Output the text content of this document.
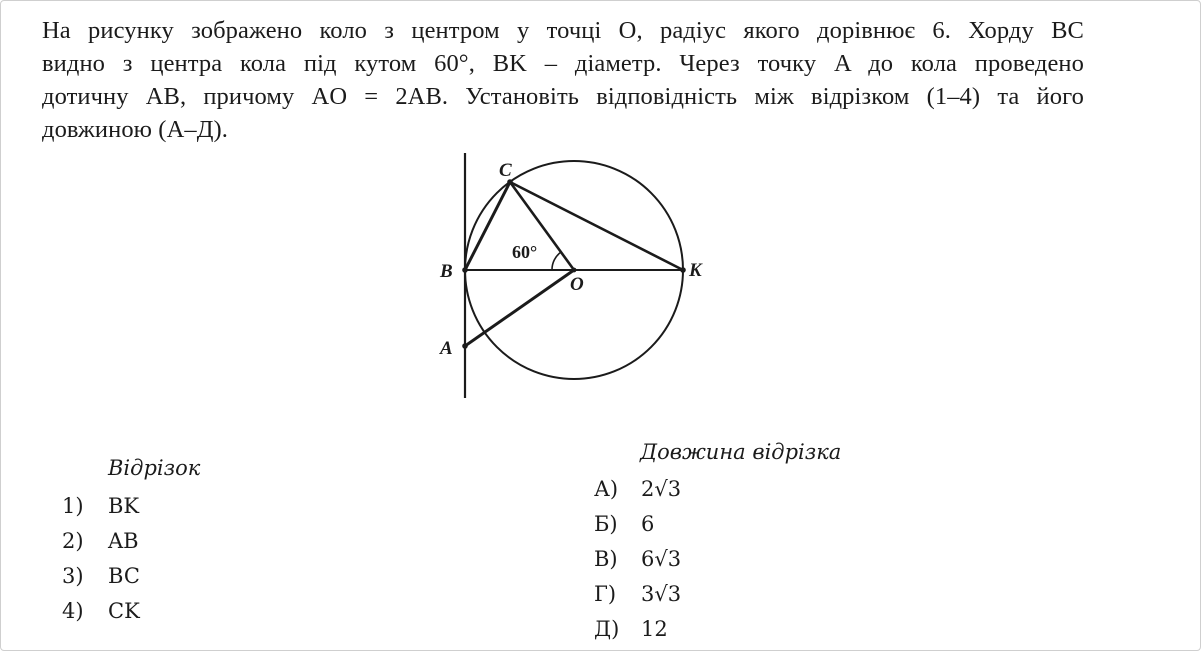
На рисунку зображено коло з центром у точці O, радіус якого дорівнює 6. Хорду BC
видно з центра кола під кутом 60°, BK – діаметр. Через точку A до кола проведено
дотичну AB, причому AO = 2AB. Установіть відповідність між відрізком (1–4) та його
довжиною (А–Д).
C
B
O
K
A
60°
Відрізок
1)	BK
2)	AB
3)	BC
4)	CK
Довжина відрізка
А)	2√3
Б)	6
В)	6√3
Г)	3√3
Д)	12
